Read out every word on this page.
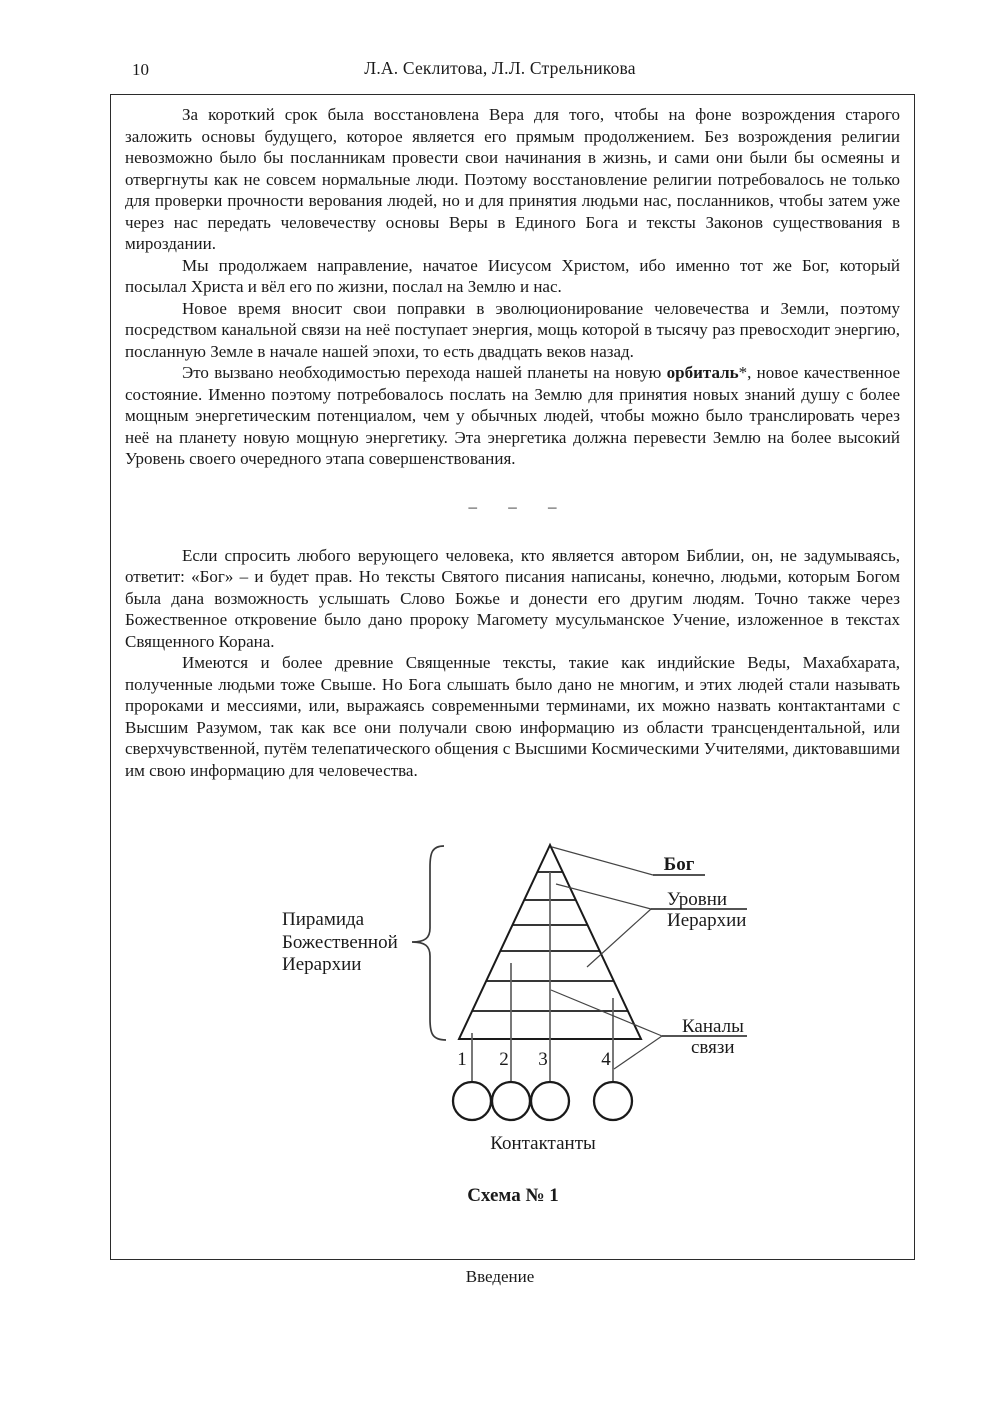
10	Л.А. Секлитова, Л.Л. Стрельникова

За короткий срок была восстановлена Вера для того, чтобы на фоне возрождения старого заложить основы будущего, которое является его прямым продолжением. Без возрождения религии невозможно было бы посланникам провести свои начинания в жизнь, и сами они были бы осмеяны и отвергнуты как не совсем нормальные люди. Поэтому восстановление религии потребовалось не только для проверки прочности верования людей, но и для принятия людьми нас, посланников, чтобы затем уже через нас передать человечеству основы Веры в Единого Бога и тексты Законов существования в мироздании.

Мы продолжаем направление, начатое Иисусом Христом, ибо именно тот же Бог, который посылал Христа и вёл его по жизни, послал на Землю и нас.

Новое время вносит свои поправки в эволюционирование человечества и Земли, поэтому посредством канальной связи на неё поступает энергия, мощь которой в тысячу раз превосходит энергию, посланную Земле в начале нашей эпохи, то есть двадцать веков назад.

Это вызвано необходимостью перехода нашей планеты на новую орбиталь*, новое качественное состояние. Именно поэтому потребовалось послать на Землю для принятия новых знаний душу с более мощным энергетическим потенциалом, чем у обычных людей, чтобы можно было транслировать через неё на планету новую мощную энергетику. Эта энергетика должна перевести Землю на более высокий Уровень своего очередного этапа совершенствования.

– – –

Если спросить любого верующего человека, кто является автором Библии, он, не задумываясь, ответит: «Бог» – и будет прав. Но тексты Святого писания написаны, конечно, людьми, которым Богом была дана возможность услышать Слово Божье и донести его другим людям. Точно также через Божественное откровение было дано пророку Магомету мусульманское Учение, изложенное в текстах Священного Корана.

Имеются и более древние Священные тексты, такие как индийские Веды, Махабхарата, полученные людьми тоже Свыше. Но Бога слышать было дано не многим, и этих людей стали называть пророками и мессиями, или, выражаясь современными терминами, их можно назвать контактантами с Высшим Разумом, так как все они получали свою информацию из области трансцендентальной, или сверхчувственной, путём телепатического общения с Высшими Космическими Учителями, диктовавшими им свою информацию для человечества.

Пирамида
Божественной
Иерархии
Бог
Уровни
Иерархии
Каналы
связи
1 2 3	4
Контактанты
Схема № 1
Введение
